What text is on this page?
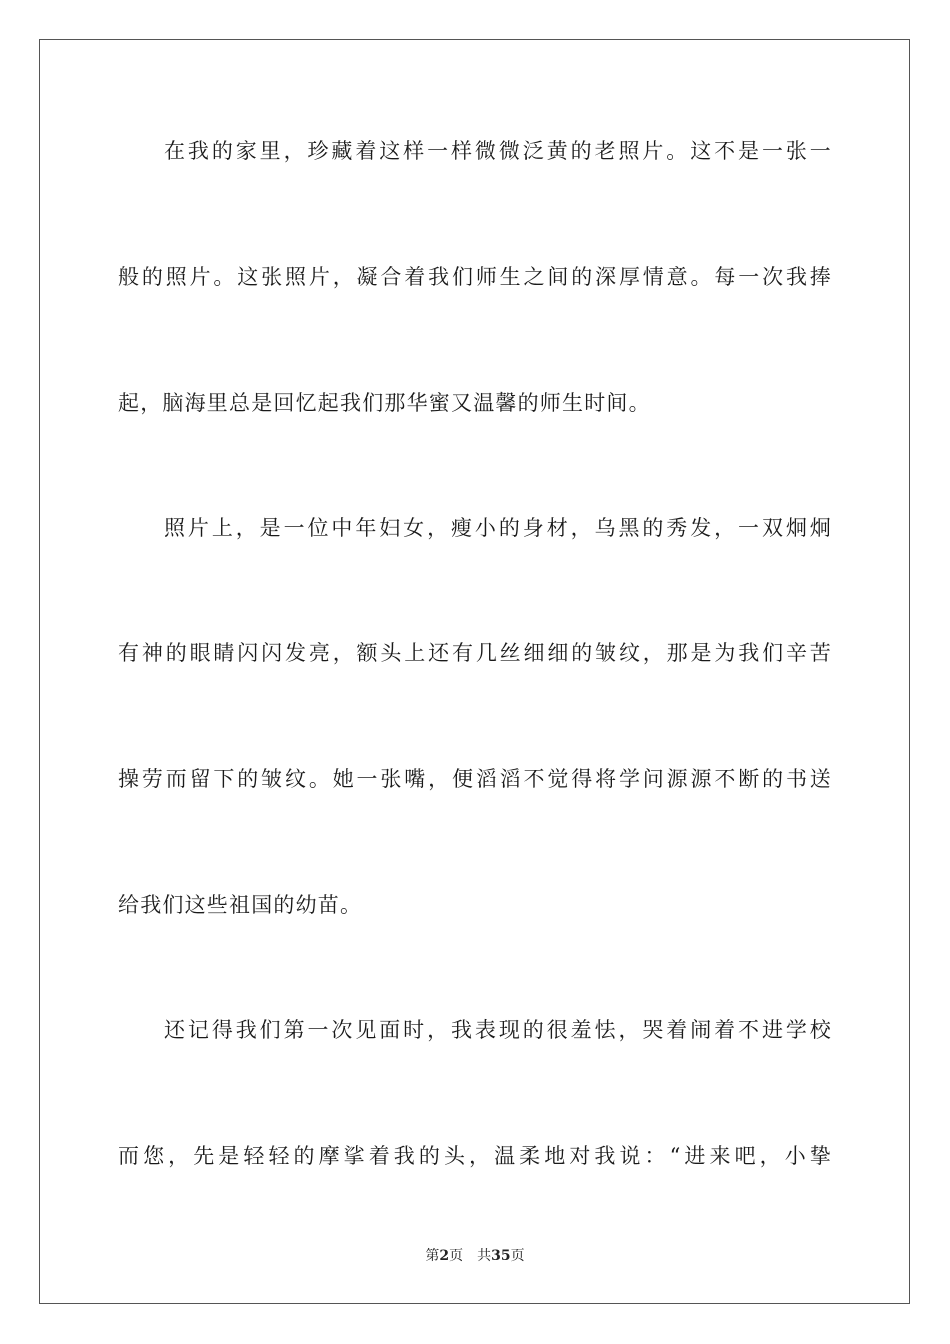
在我的家里，珍藏着这样一样微微泛黄的老照片。这不是一张一
般的照片。这张照片，凝合着我们师生之间的深厚情意。每一次我捧
起，脑海里总是回忆起我们那华蜜又温馨的师生时间。
照片上，是一位中年妇女，瘦小的身材，乌黑的秀发，一双炯炯
有神的眼睛闪闪发亮，额头上还有几丝细细的皱纹，那是为我们辛苦
操劳而留下的皱纹。她一张嘴，便滔滔不觉得将学问源源不断的书送
给我们这些祖国的幼苗。
还记得我们第一次见面时，我表现的很羞怯，哭着闹着不进学校
而您，先是轻轻的摩挲着我的头，温柔地对我说：“进来吧，小挚
第2页 共35页
